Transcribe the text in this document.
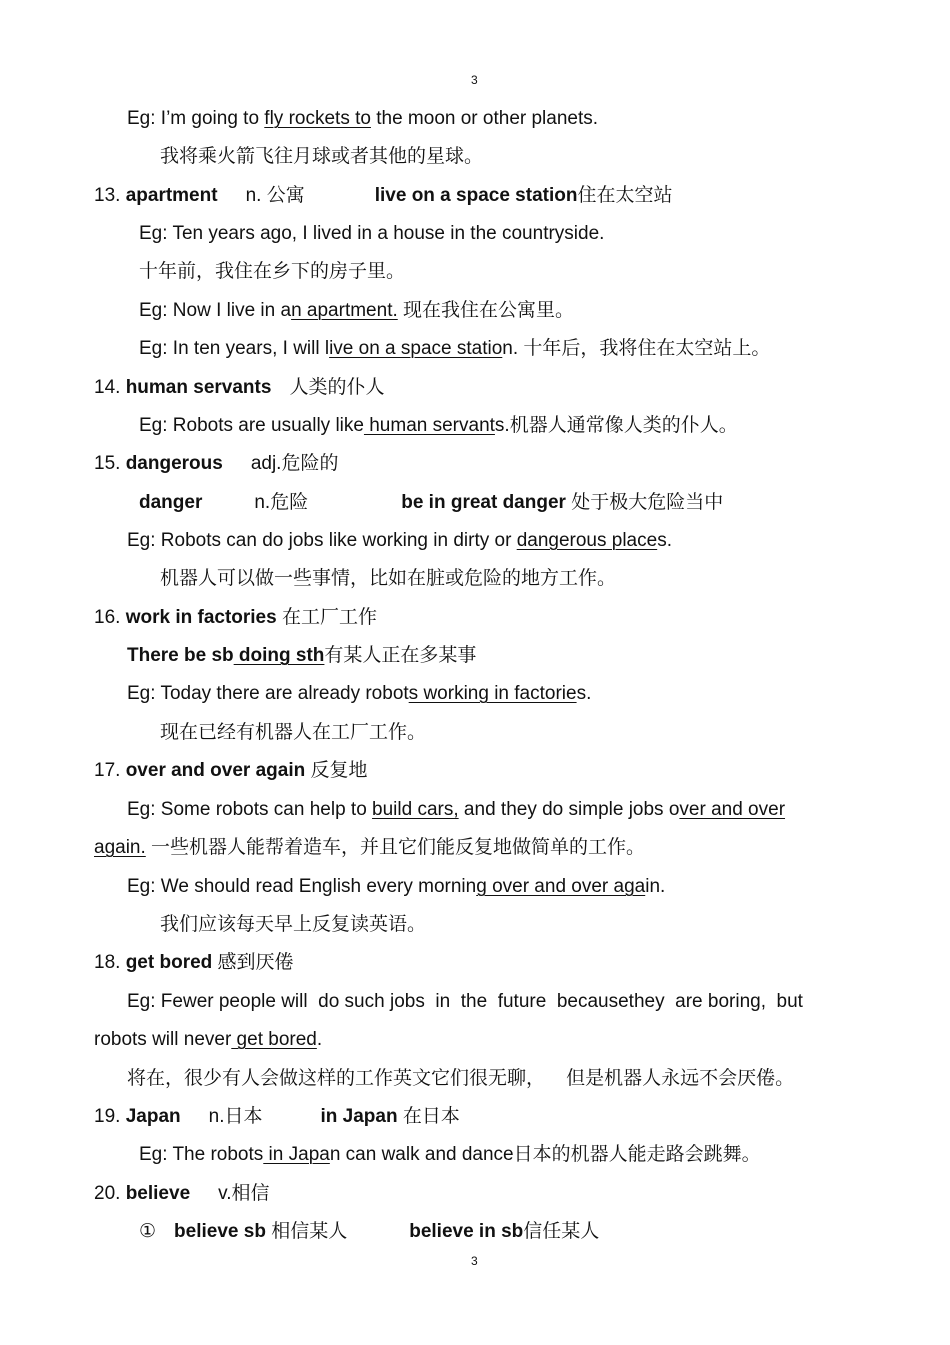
3
Eg: I’m going to fly rockets to the moon or other planets.
我将乘火箭飞往月球或者其他的星球。
13. apartment n. 公寓	live on a space station住在太空站
Eg: Ten years ago, I lived in a house in the countryside.
十年前，我住在乡下的房子里。
Eg: Now I live in an apartment. 现在我住在公寓里。
Eg: In ten years, I will live on a space station. 十年后，我将住在太空站上。
14. human servants 人类的仆人
Eg: Robots are usually like human servants.机器人通常像人类的仆人。
15. dangerous adj.危险的
danger	n.危险	be in great danger 处于极大危险当中
Eg: Robots can do jobs like working in dirty or dangerous places.
机器人可以做一些事情，比如在脏或危险的地方工作。
16. work in factories 在工厂工作
There be sb doing sth有某人正在多某事
Eg: Today there are already robots working in factories.
现在已经有机器人在工厂工作。
17. over and over again 反复地
Eg: Some robots can help to build cars, and they do simple jobs over and over
again. 一些机器人能帮着造车，并且它们能反复地做简单的工作。
Eg: We should read English every morning over and over again.
我们应该每天早上反复读英语。
18. get bored 感到厌倦
Eg: Fewer people will  do such jobs  in  the  future  becausethey  are boring,  but
robots will never get bored.
将在，很少有人会做这样的工作英文它们很无聊，    但是机器人永远不会厌倦。
19. Japan n.日本	in Japan 在日本
Eg: The robots in Japan can walk and dance日本的机器人能走路会跳舞。
20. believe v.相信
① believe sb 相信某人	believe in sb信任某人
3
